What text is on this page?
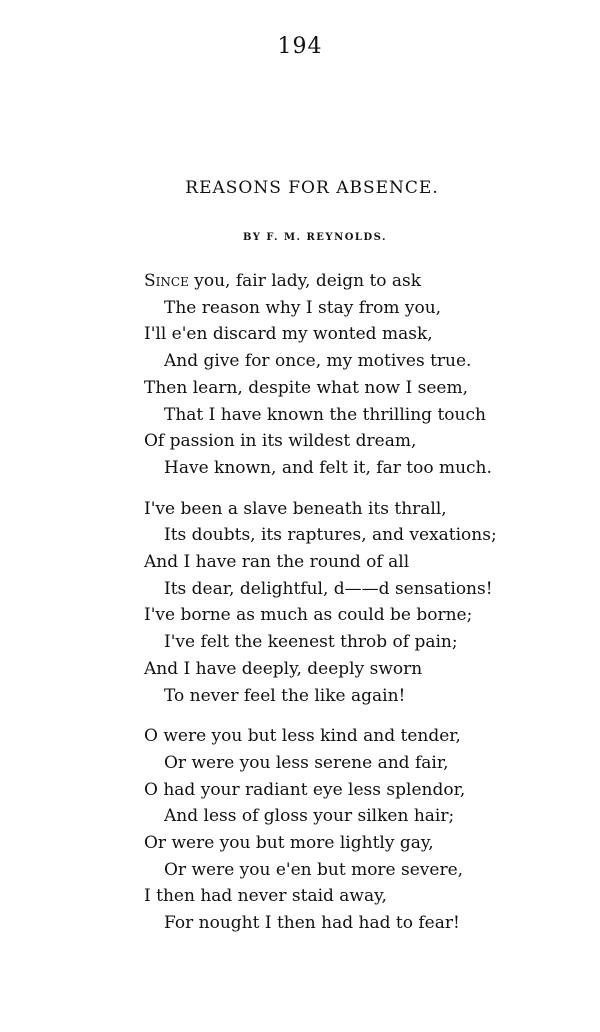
194
REASONS FOR ABSENCE.
BY F. M. REYNOLDS.
Since you, fair lady, deign to ask
The reason why I stay from you,
I'll e'en discard my wonted mask,
And give for once, my motives true.
Then learn, despite what now I seem,
That I have known the thrilling touch
Of passion in its wildest dream,
Have known, and felt it, far too much.
I've been a slave beneath its thrall,
Its doubts, its raptures, and vexations;
And I have ran the round of all
Its dear, delightful, d——d sensations!
I've borne as much as could be borne;
I've felt the keenest throb of pain;
And I have deeply, deeply sworn
To never feel the like again!
O were you but less kind and tender,
Or were you less serene and fair,
O had your radiant eye less splendor,
And less of gloss your silken hair;
Or were you but more lightly gay,
Or were you e'en but more severe,
I then had never staid away,
For nought I then had had to fear!
